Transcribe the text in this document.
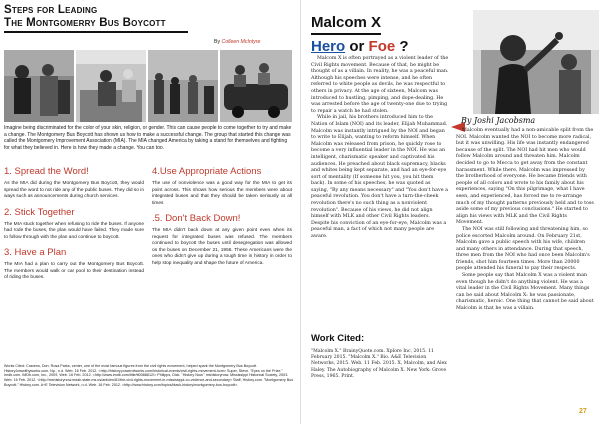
Steps for Leading
The Montgomerry Bus Boycott
By Colleen McIntyre
Imagine being discriminated for the color of your skin, religion, or gender. This can cause people to come together to try and make a change. The Montgomery Bus Boycott has shown us how to make a successful change. The group that started this change was called the Montgomery Improvement Association (MIA). The MIA changed America by taking a stand for themselves and fighting for what they believed in. Here is how they made a change. You can too.
1. Spread the Word!

As the MIA did during the Montgomery Bus Boycott, they would spread the word to not ride any of the public buses. They did so in ways such as announcements during church services.

2. Stick Together

The MIA stuck together when refusing to ride the buses. If anyone had rode the buses, the plan would have failed. They made sure to follow through with the plan and continue to boycott.

3. Have a Plan

The MIA had a plan to carry out the Montgomery Bus Boycott. The members would walk or car pool to their destination instead of riding the buses.

4.Use Appropriate Actions

The use of nonviolence was a good way for the MIA to get its point across. This shows how serious the members were about integrated buses and that they should be taken seriously at all times

.5. Don't Back Down!

The MIA didn't back down at any given point even when its request for integrated buses was refused. The members continued to boycott the buses until desegregation was allowed on the buses on December 21, 1956. These Americans were the ones who didn't give up during a tough time in history in order to help stop inequality and shape the future of America.

Works Cited: Cravens, Don. Rosa Parks, center, one of the most famous figures from the civil rights movement, helped spark the Montgomery Bus Boycott. HistoryJowwithyworks.com. Np., n.d. Web. 16 Feb. 2012. <http://history.powerofworks.com/historical-events/civil-rights-movement-hcm> Super, Steve. "Eyes on the Prize." Imdb.com. IMDb.com, Inc., 2009. Web. 16 Feb. 2012. <http://www.imdb.com/title/tt0088612/> Philipps, Dick. "History Now." mshistorynow. Mississippi Historical Society, 2003. Web. 16 Feb. 2012. <http://mshistorynow.mdah.state.ms.us/articles/81/the-civil-rights-movement-in-mississippi-co-violence-and-secondary> Staff, History.com. "Montgomery Bus Boycott." History.com. A+E Television Network, n.d. Web. 16 Feb. 2012. <http://www.history.com/topics/black-history/montgomery-bus-boycott>.
Malcom X
Hero or Foe ?

Malcom X is often portrayed as a violent leader of the Civil Rights movement. Because of that, he might be thought of as a villain. In reality, he was a peaceful man. Although his speeches were intense, and he often referred to white people as devils, he was respectful to others in privacy. At the age of sixteen, Malcom was introduced to hustling, pimping, and dope-dealing. He was arrested before the age of twenty-one due to trying to repair a watch he had stolen.

While in jail, his brothers introduced him to the Nation of Islam (NOI) and its leader, Elijah Muhammad. Malcolm was instantly intrigued by the NOI and began to write to Elijah, wanting to reform himself. When Malcolm was released from prison, he quickly rose to become a very influential leader in the NOI. He was an intelligent, charismatic speaker and captivated his audiences. He preached about black supremacy, blacks and whites being kept separate, and had an eye-for-eye sort of mentality (If someone hit you, you hit them back). In some of his speeches, he was quoted as saying, "By any means necessary" and "You don't have a peaceful revolution. You don't have a turn-the-cheek revolution there's no such thing as a nonviolent revolution". Because of his views, he did not align himself with MLK and other Civil Rights leaders. Despite his conviction of an eye-for-eye, Malcolm was a peaceful man, a fact of which not many people are aware.

Work Cited:
"Malcolm X." BrainyQuote.com. Xplore Inc, 2015. 11 February 2015. "Malcolm X." Bio. A&E Television Networks, 2015. Web. 11 Feb. 2015. X, Malcolm, and Alex Haley. The Autobiography of Malcolm X. New York: Grove Press, 1965. Print.
By Joshi Jacobsma

Malcolm eventually had a non-amicable split from the NOI. Malcolm wanted the NOI to become more radical, but it was unwilling. His life was instantly endangered because of the split. The NOI had hit men who would follow Malcolm around and threaten him. Malcolm decided to go to Mecca to get away from the constant harassment. While there, Malcolm was impressed by the brotherhood of everyone. He became friends with people of all colors and wrote to his family about his experiences, saying "On this pilgrimage, what I have seen, and experienced, has forced me to re-arrange much of my thought patterns previously held and to toss aside some of my previous conclusions." He started to align his views with MLK and the Civil Rights Movement.

The NOI was still following and threatening him, so police escorted Malcolm around. On February 21st, Malcolm gave a public speech with his wife, children and many others in attendance. During that speech, three men from the NOI who had once been Malcolm's friends, shot him fourteen times. More than 20000 people attended his funeral to pay their respects.

Some people say that Malcolm X was a violent man even though he didn't do anything violent. He was a vital leader in the Civil Rights Movement. Many things can be said about Malcolm X: he was passionate, charismatic, heroic. One thing that cannot be said about Malcolm is that he was a villain.

27
